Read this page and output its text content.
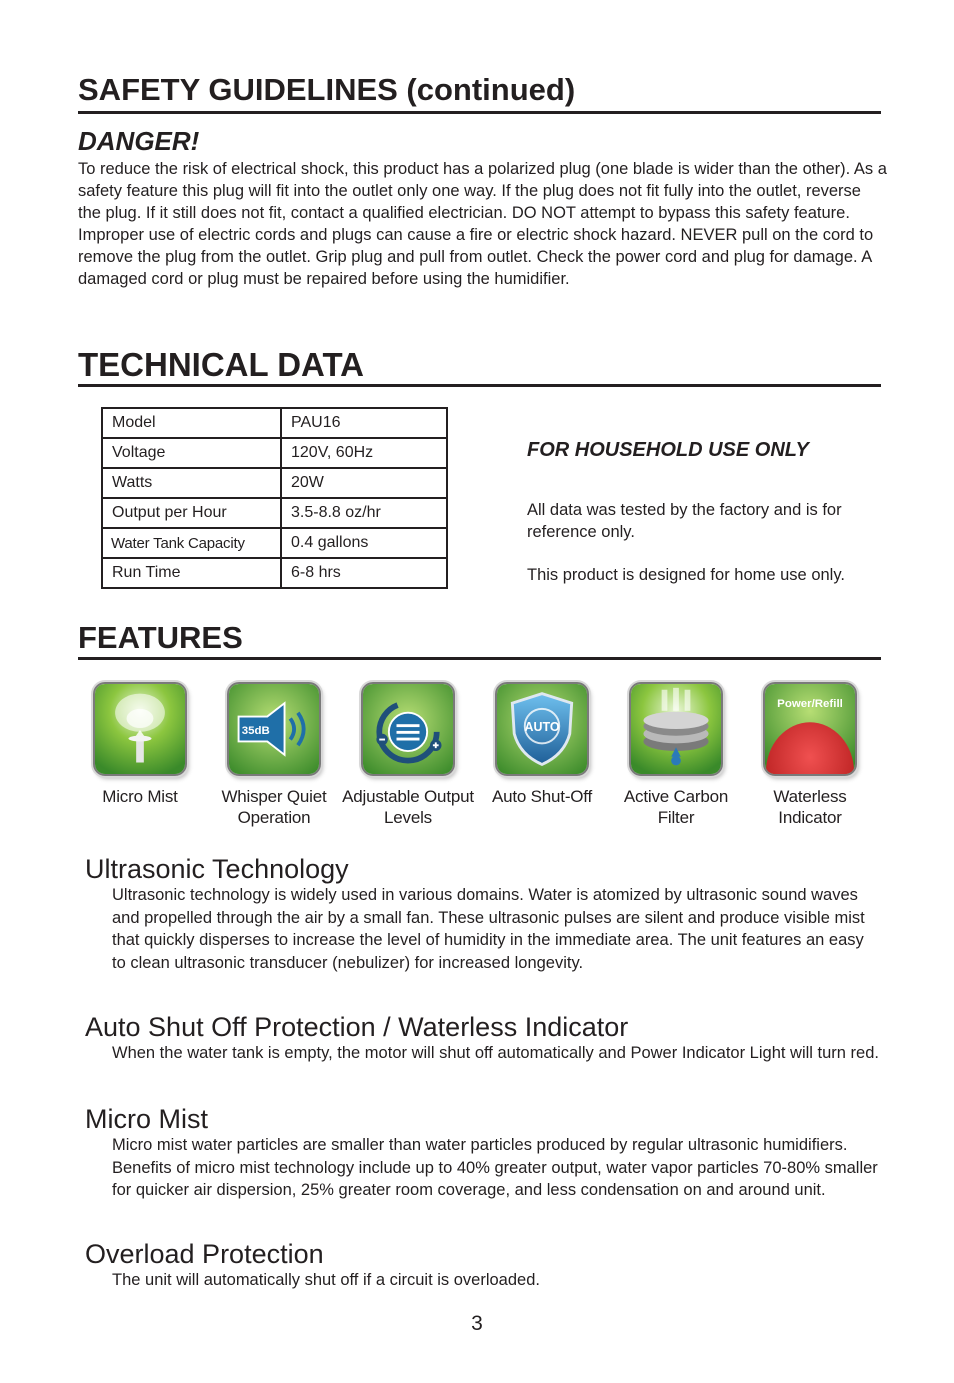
SAFETY GUIDELINES (continued)
DANGER!
To reduce the risk of electrical shock, this product has a polarized plug (one blade is wider than the other). As a safety feature this plug will fit into the outlet only one way. If the plug does not fit fully into the outlet, reverse the plug. If it still does not fit, contact a qualified electrician. DO NOT attempt to bypass this safety feature. Improper use of electric cords and plugs can cause a fire or electric shock hazard. NEVER pull on the cord to remove the plug from the outlet. Grip plug and pull from outlet. Check the power cord and plug for damage. A damaged cord or plug must be repaired before using the humidifier.
TECHNICAL DATA
Model	PAU16
Voltage	120V, 60Hz
Watts	20W
Output per Hour	3.5-8.8 oz/hr
Water Tank Capacity	0.4 gallons
Run Time	6-8 hrs
FOR HOUSEHOLD USE ONLY
All data was tested by the factory and is for reference only.
This product is designed for home use only.
FEATURES
Micro Mist
35dB
Whisper Quiet Operation
Adjustable Output Levels
AUTO
Auto Shut-Off	Active Carbon Filter
Power/Refill
Waterless Indicator
Ultrasonic Technology
Ultrasonic technology is widely used in various domains. Water is atomized by ultrasonic sound waves and propelled through the air by a small fan. These ultrasonic pulses are silent and produce visible mist that quickly disperses to increase the level of humidity in the immediate area. The unit features an easy to clean ultrasonic transducer (nebulizer) for increased longevity.
Auto Shut Off Protection / Waterless Indicator
When the water tank is empty, the motor will shut off automatically and Power Indicator Light will turn red.
Micro Mist
Micro mist water particles are smaller than water particles produced by regular ultrasonic humidifiers. Benefits of micro mist technology include up to 40% greater output, water vapor particles 70-80% smaller for quicker air dispersion, 25% greater room coverage, and less condensation on and around unit.
Overload Protection
The unit will automatically shut off if a circuit is overloaded.
3
